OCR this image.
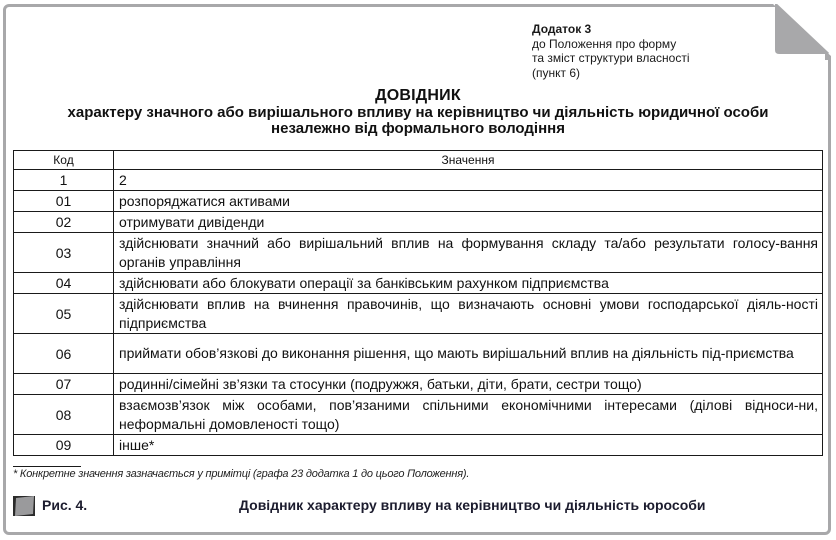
Додаток 3
до Положення про форму
та зміст структури власності
(пункт 6)
ДОВІДНИК
характеру значного або вирішального впливу на керівництво чи діяльність юридичної особи
незалежно від формального володіння
Код	Значення
1	2
01	розпоряджатися активами
02	отримувати дивіденди
03	здійснювати значний або вирішальний вплив на формування складу та/або результати голосу-вання органів управління
04	здійснювати або блокувати операції за банківським рахунком підприємства
05	здійснювати вплив на вчинення правочинів, що визначають основні умови господарської діяль-ності підприємства
06	приймати обов’язкові до виконання рішення, що мають вирішальний вплив на діяльність під-приємства
07	родинні/сімейні зв’язки та стосунки (подружжя, батьки, діти, брати, сестри тощо)
08	взаємозв’язок між особами, пов’язаними спільними економічними інтересами (ділові відноси-ни, неформальні домовленості тощо)
09	інше*
* Конкретне значення зазначається у примітці (графа 23 додатка 1 до цього Положення).
Рис. 4.	Довідник характеру впливу на керівництво чи діяльність юрособи
